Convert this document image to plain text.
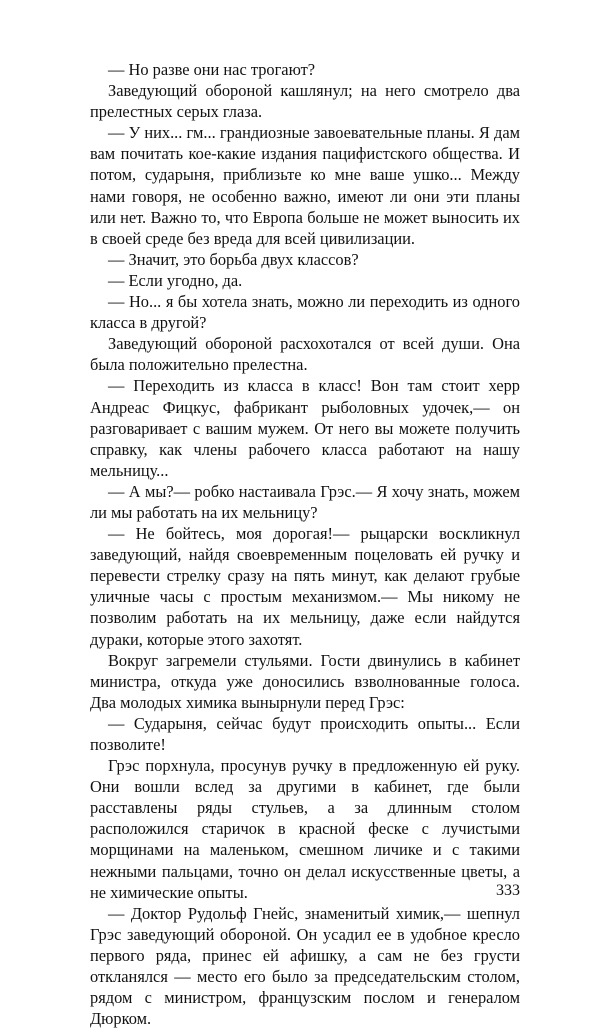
— Но разве они нас трогают?

Заведующий обороной кашлянул; на него смотрело два прелестных серых глаза.

— У них... гм... грандиозные завоевательные планы. Я дам вам почитать кое-какие издания пацифистского общества. И потом, сударыня, приблизьте ко мне ваше ушко... Между нами говоря, не особенно важно, имеют ли они эти планы или нет. Важно то, что Европа больше не может выносить их в своей среде без вреда для всей цивилизации.

— Значит, это борьба двух классов?

— Если угодно, да.

— Но... я бы хотела знать, можно ли переходить из одного класса в другой?

Заведующий обороной расхохотался от всей души. Она была положительно прелестна.

— Переходить из класса в класс! Вон там стоит херр Андреас Фицкус, фабрикант рыболовных удочек,— он разговаривает с вашим мужем. От него вы можете получить справку, как члены рабочего класса работают на нашу мельницу...

— А мы?— робко настаивала Грэс.— Я хочу знать, можем ли мы работать на их мельницу?

— Не бойтесь, моя дорогая!— рыцарски воскликнул заведующий, найдя своевременным поцеловать ей ручку и перевести стрелку сразу на пять минут, как делают грубые уличные часы с простым механизмом.— Мы никому не позволим работать на их мельницу, даже если найдутся дураки, которые этого захотят.

Вокруг загремели стульями. Гости двинулись в кабинет министра, откуда уже доносились взволнованные голоса. Два молодых химика вынырнули перед Грэс:

— Сударыня, сейчас будут происходить опыты... Если позволите!

Грэс порхнула, просунув ручку в предложенную ей руку. Они вошли вслед за другими в кабинет, где были расставлены ряды стульев, а за длинным столом расположился старичок в красной феске с лучистыми морщинами на маленьком, смешном личике и с такими нежными пальцами, точно он делал искусственные цветы, а не химические опыты.

— Доктор Рудольф Гнейс, знаменитый химик,— шепнул Грэс заведующий обороной. Он усадил ее в удобное кресло первого ряда, принес ей афишку, а сам не без грусти откланялся — место его было за председательским столом, рядом с министром, французским послом и генералом Дюрком.

333
